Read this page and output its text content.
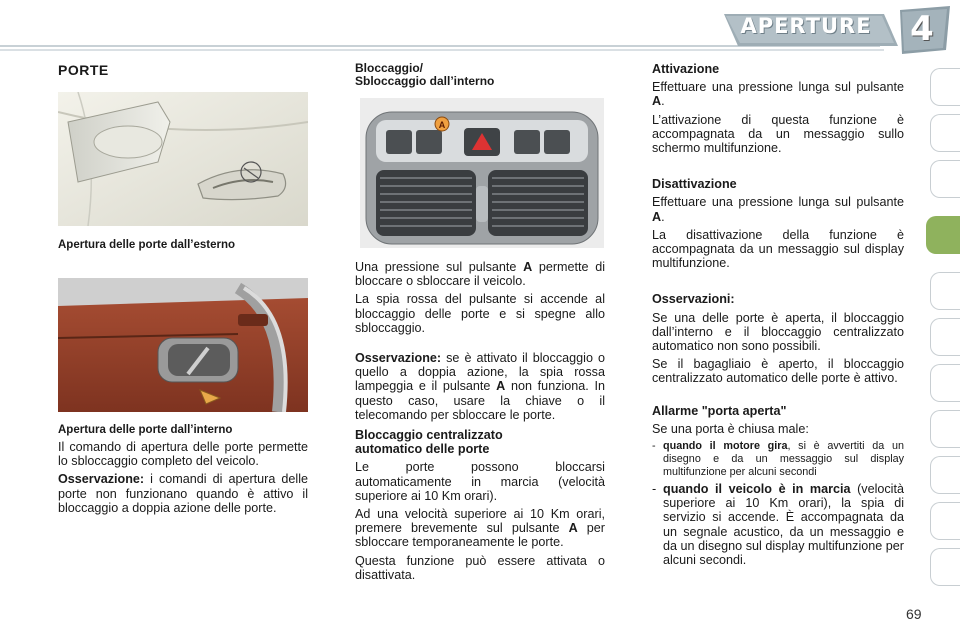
APERTURE 4
PORTE
Apertura delle porte dall’esterno
Apertura delle porte dall’interno

Il comando di apertura delle porte permette lo sbloccaggio completo del veicolo.

Osservazione: i comandi di apertura delle porte non funzionano quando è attivo il bloccaggio a doppia azione delle porte.

Bloccaggio/
Sbloccaggio dall’interno
A

Una pressione sul pulsante A permette di bloccare o sbloccare il veicolo.

La spia rossa del pulsante si accende al bloccaggio delle porte e si spegne allo sbloccaggio.

Osservazione: se è attivato il bloccaggio o quello a doppia azione, la spia rossa lampeggia e il pulsante A non funziona. In questo caso, usare la chiave o il telecomando per sbloccare le porte.

Bloccaggio centralizzato
automatico delle porte

Le porte possono bloccarsi automaticamente in marcia (velocità superiore ai 10 Km orari).

Ad una velocità superiore ai 10 Km orari, premere brevemente sul pulsante A per sbloccare temporaneamente le porte.

Questa funzione può essere attivata o disattivata.

Attivazione

Effettuare una pressione lunga sul pulsante A.

L’attivazione di questa funzione è accompagnata da un messaggio sullo schermo multifunzione.

Disattivazione

Effettuare una pressione lunga sul pulsante A.

La disattivazione della funzione è accompagnata da un messaggio sul display multifunzione.

Osservazioni:

Se una delle porte è aperta, il bloccaggio dall’interno e il bloccaggio centralizzato automatico non sono possibili.

Se il bagagliaio è aperto, il bloccaggio centralizzato automatico delle porte è attivo.

Allarme "porta aperta"

Se una porta è chiusa male:

- quando il motore gira, si è avvertiti da un disegno e da un messaggio sul display multifunzione per alcuni secondi
- quando il veicolo è in marcia (velocità superiore ai 10 Km orari), la spia di servizio si accende. È accompagnata da un segnale acustico, da un messaggio e da un disegno sul display multifunzione per alcuni secondi.
69
